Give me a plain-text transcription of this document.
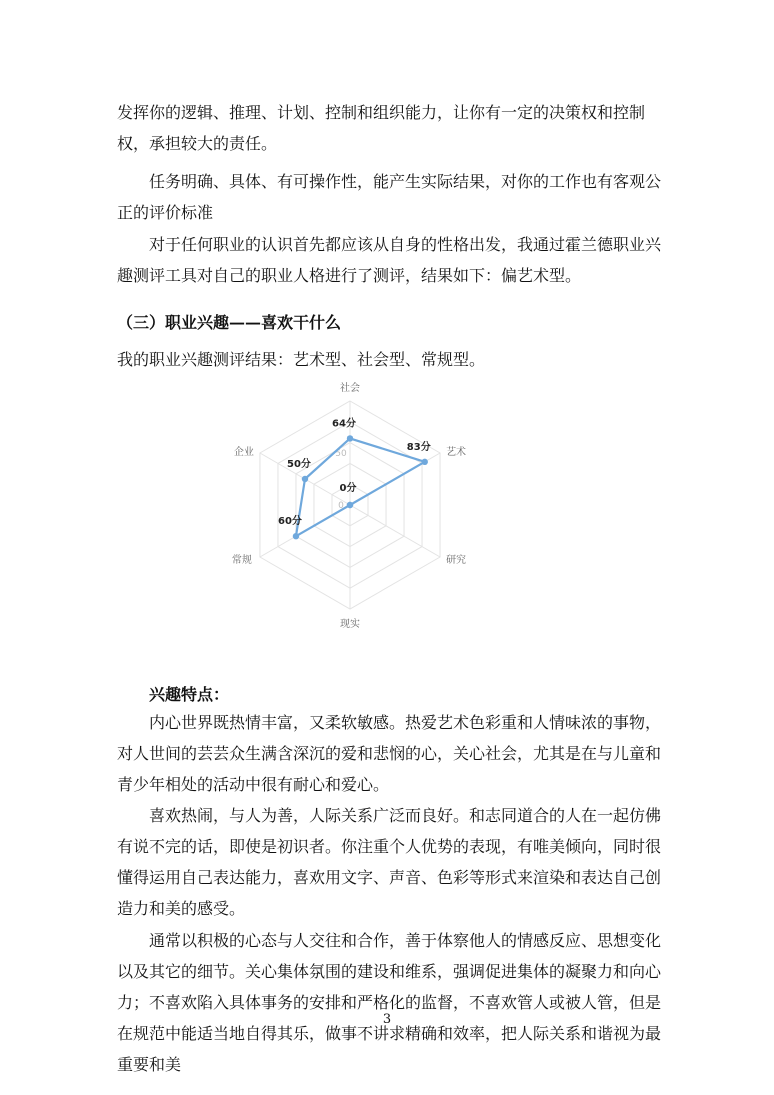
发挥你的逻辑、推理、计划、控制和组织能力，让你有一定的决策权和控制权，承担较大的责任。

任务明确、具体、有可操作性，能产生实际结果，对你的工作也有客观公正的评价标准

对于任何职业的认识首先都应该从自身的性格出发，我通过霍兰德职业兴趣测评工具对自己的职业人格进行了测评，结果如下：偏艺术型。

（三）职业兴趣——喜欢干什么

我的职业兴趣测评结果：艺术型、社会型、常规型。

0
50
64分
83分
0分
60分
50分
社会
艺术
研究
现实
常规
企业

兴趣特点：

内心世界既热情丰富，又柔软敏感。热爱艺术色彩重和人情味浓的事物，对人世间的芸芸众生满含深沉的爱和悲悯的心，关心社会，尤其是在与儿童和青少年相处的活动中很有耐心和爱心。

喜欢热闹，与人为善，人际关系广泛而良好。和志同道合的人在一起仿佛有说不完的话，即使是初识者。你注重个人优势的表现，有唯美倾向，同时很懂得运用自己表达能力，喜欢用文字、声音、色彩等形式来渲染和表达自己创造力和美的感受。

通常以积极的心态与人交往和合作，善于体察他人的情感反应、思想变化以及其它的细节。关心集体氛围的建设和维系，强调促进集体的凝聚力和向心力；不喜欢陷入具体事务的安排和严格化的监督，不喜欢管人或被人管，但是在规范中能适当地自得其乐，做事不讲求精确和效率，把人际关系和谐视为最重要和美

3
